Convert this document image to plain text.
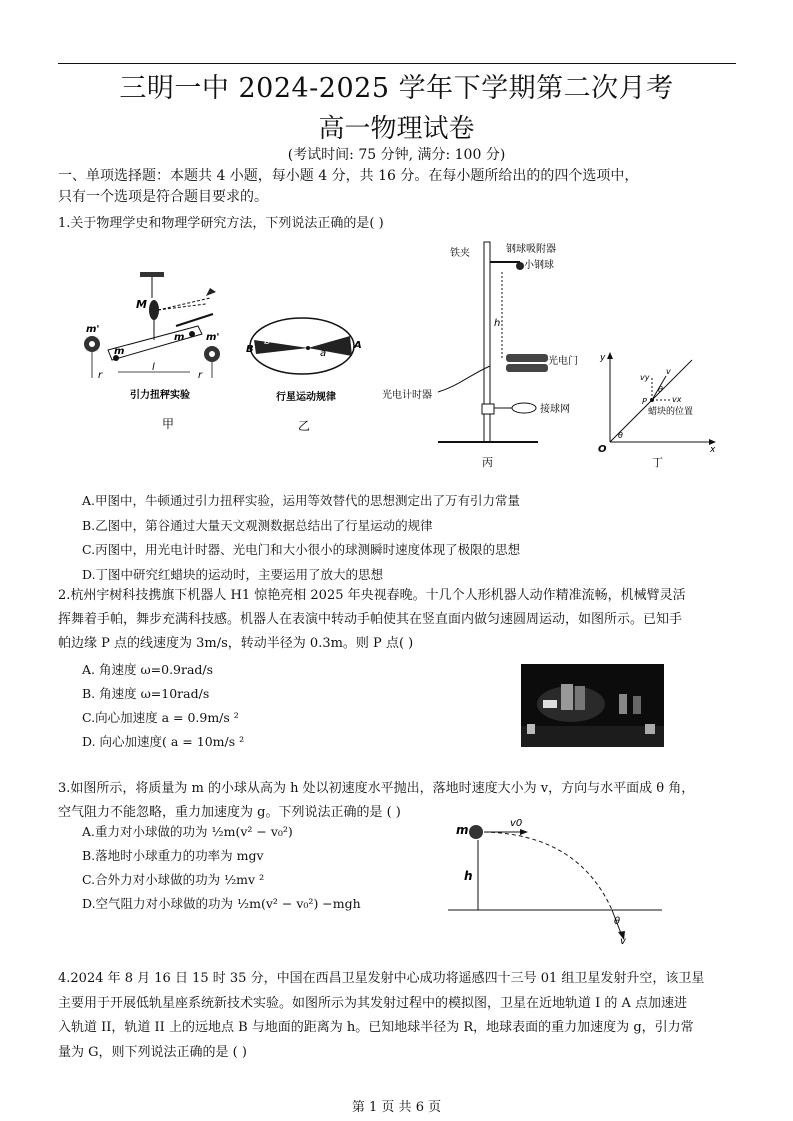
三明一中 2024-2025 学年下学期第二次月考
高一物理试卷
(考试时间: 75 分钟, 满分: 100 分)
一、单项选择题：本题共 4 小题，每小题 4 分，共 16 分。在每小题所给出的的四个选项中，
只有一个选项是符合题目要求的。
1.关于物理学史和物理学研究方法，下列说法正确的是( )
m'
m
M
m m'
r
l
r
引力扭秤实验
甲
B
b
a
A
行星运动规律
乙
铁夹	钢球吸附器
小钢球
h
光电门
光电计时器
接球网
丙
y
x
O
vy
v
vx
P
θ
θ
蜡块的位置
丁
A.甲图中，牛顿通过引力扭秤实验，运用等效替代的思想测定出了万有引力常量
B.乙图中，第谷通过大量天文观测数据总结出了行星运动的规律
C.丙图中，用光电计时器、光电门和大小很小的球测瞬时速度体现了极限的思想
D.丁图中研究红蜡块的运动时，主要运用了放大的思想
2.杭州宇树科技携旗下机器人 H1 惊艳亮相 2025 年央视春晚。十几个人形机器人动作精准流畅，机械臂灵活
挥舞着手帕，舞步充满科技感。机器人在表演中转动手帕使其在竖直面内做匀速圆周运动，如图所示。已知手
帕边缘 P 点的线速度为 3m/s，转动半径为 0.3m。则 P 点( )
A. 角速度 ω=0.9rad/s
B. 角速度 ω=10rad/s
C.向心加速度 a = 0.9m/s ²
D. 向心加速度( a = 10m/s ²
3.如图所示，将质量为 m 的小球从高为 h 处以初速度水平抛出，落地时速度大小为 v，方向与水平面成 θ 角，
空气阻力不能忽略，重力加速度为 g。下列说法正确的是 ( )
A.重力对小球做的功为 ½m(v² − v₀²)
B.落地时小球重力的功率为 mgv
C.合外力对小球做的功为 ½mv ²
D.空气阻力对小球做的功为 ½m(v² − v₀²) −mgh
m	v0
h
θ
v
4.2024 年 8 月 16 日 15 时 35 分，中国在西昌卫星发射中心成功将遥感四十三号 01 组卫星发射升空，该卫星
主要用于开展低轨星座系统新技术实验。如图所示为其发射过程中的模拟图，卫星在近地轨道 I 的 A 点加速进
入轨道 II，轨道 II 上的远地点 B 与地面的距离为 h。已知地球半径为 R，地球表面的重力加速度为 g，引力常
量为 G，则下列说法正确的是 ( )
第 1 页 共 6 页
